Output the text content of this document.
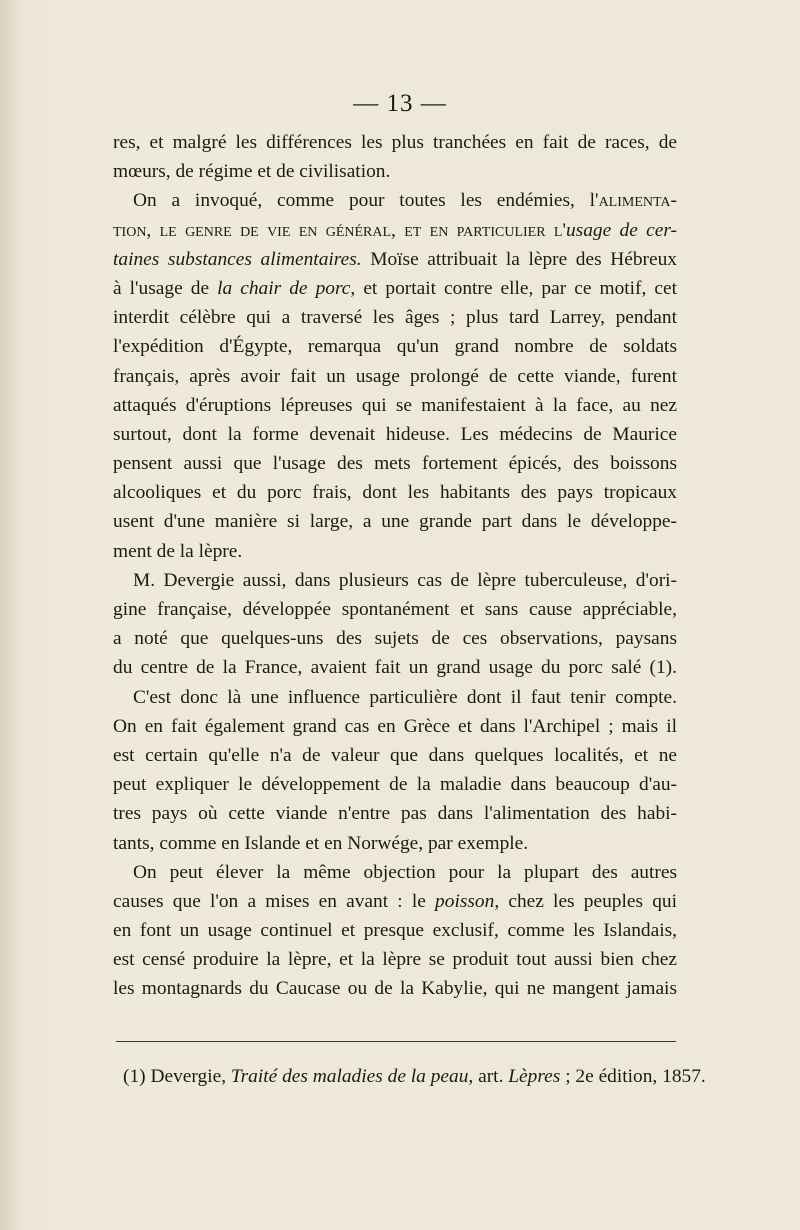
— 13 —
res, et malgré les différences les plus tranchées en fait de races, de
mœurs, de régime et de civilisation.
On a invoqué, comme pour toutes les endémies, l'alimenta-
tion, le genre de vie en général, et en particulier l'usage de cer-
taines substances alimentaires. Moïse attribuait la lèpre des Hébreux
à l'usage de la chair de porc, et portait contre elle, par ce motif, cet
interdit célèbre qui a traversé les âges ; plus tard Larrey, pendant
l'expédition d'Égypte, remarqua qu'un grand nombre de soldats
français, après avoir fait un usage prolongé de cette viande, furent
attaqués d'éruptions lépreuses qui se manifestaient à la face, au nez
surtout, dont la forme devenait hideuse. Les médecins de Maurice
pensent aussi que l'usage des mets fortement épicés, des boissons
alcooliques et du porc frais, dont les habitants des pays tropicaux
usent d'une manière si large, a une grande part dans le développe-
ment de la lèpre.
M. Devergie aussi, dans plusieurs cas de lèpre tuberculeuse, d'ori-
gine française, développée spontanément et sans cause appréciable,
a noté que quelques-uns des sujets de ces observations, paysans
du centre de la France, avaient fait un grand usage du porc salé (1).
C'est donc là une influence particulière dont il faut tenir compte.
On en fait également grand cas en Grèce et dans l'Archipel ; mais il
est certain qu'elle n'a de valeur que dans quelques localités, et ne
peut expliquer le développement de la maladie dans beaucoup d'au-
tres pays où cette viande n'entre pas dans l'alimentation des habi-
tants, comme en Islande et en Norwége, par exemple.
On peut élever la même objection pour la plupart des autres
causes que l'on a mises en avant : le poisson, chez les peuples qui
en font un usage continuel et presque exclusif, comme les Islandais,
est censé produire la lèpre, et la lèpre se produit tout aussi bien chez
les montagnards du Caucase ou de la Kabylie, qui ne mangent jamais
(1) Devergie, Traité des maladies de la peau, art. Lèpres ; 2e édition, 1857.
